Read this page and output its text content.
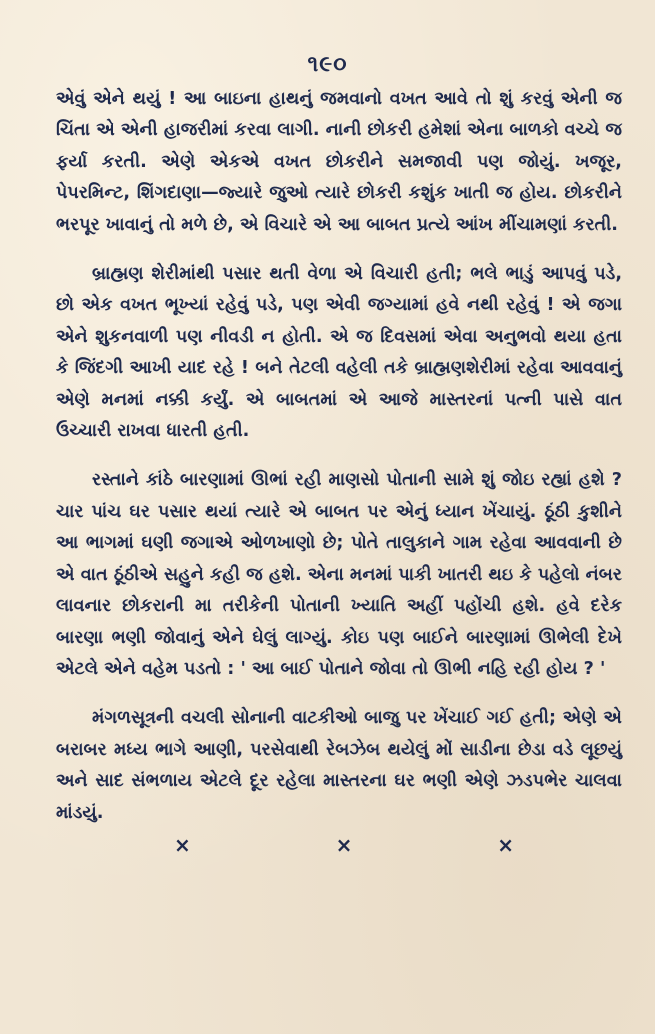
૧૯૦

એવું એને થયું ! આ બાઇના હાથનું જમવાનો વખત આવે તો શું કરવું એની જ ચિંતા એ એની હાજરીમાં કરવા લાગી. નાની છોકરી હમેશાં એના બાળકો વચ્ચે જ ફર્યા કરતી. એણે એકએ વખત છોકરીને સમજાવી પણ જોયું. ખજૂર, પેપરમિન્ટ, શિંગદાણા—જ્યારે જુઓ ત્યારે છોકરી કશુંક ખાતી જ હોય. છોકરીને ભરપૂર ખાવાનું તો મળે છે, એ વિચારે એ આ બાબત પ્રત્યે આંખ મીંચામણાં કરતી.

બ્રાહ્મણ શેરીમાંથી પસાર થતી વેળા એ વિચારી હતી; ભલે ભાડું આપવું પડે, છો એક વખત ભૂખ્યાં રહેવું પડે, પણ એવી જગ્યામાં હવે નથી રહેવું ! એ જગા એને શુકનવાળી પણ નીવડી ન હોતી. એ જ દિવસમાં એવા અનુભવો થયા હતા કે જિંદગી આખી યાદ રહે ! બને તેટલી વહેલી તકે બ્રાહ્મણશેરીમાં રહેવા આવવાનું એણે મનમાં નક્કી કર્યું. એ બાબતમાં એ આજે માસ્તરનાં પત્ની પાસે વાત ઉચ્ચારી રાખવા ધારતી હતી.

રસ્તાને કાંઠે બારણામાં ઊભાં રહી માણસો પોતાની સામે શું જોઇ રહ્યાં હશે ? ચાર પાંચ ઘર પસાર થયાં ત્યારે એ બાબત પર એનું ધ્યાન ખેંચાયું. ઠૂંઠી કુશીને આ ભાગમાં ઘણી જગાએ ઓળખાણો છે; પોતે તાલુકાને ગામ રહેવા આવવાની છે એ વાત ઠૂંઠીએ સહુને કહી જ હશે. એના મનમાં પાકી ખાતરી થઇ કે પહેલો નંબર લાવનાર છોકરાની મા તરીકેની પોતાની ખ્યાતિ અહીં પહોંચી હશે. હવે દરેક બારણા ભણી જોવાનું એને ઘેલું લાગ્યું. કોઇ પણ બાઈને બારણામાં ઊભેલી દેખે એટલે એને વહેમ પડતો : ' આ બાઈ પોતાને જોવા તો ઊભી નહિ રહી હોય ? '

મંગળસૂત્રની વચલી સોનાની વાટકીઓ બાજુ પર ખેંચાઈ ગઈ હતી; એણે એ બરાબર મધ્ય ભાગે આણી, પરસેવાથી રેબઝેબ થયેલું મોં સાડીના છેડા વડે લૂછયું અને સાદ સંભળાય એટલે દૂર રહેલા માસ્તરના ઘર ભણી એણે ઝડપભેર ચાલવા માંડયું.

×	×	×
